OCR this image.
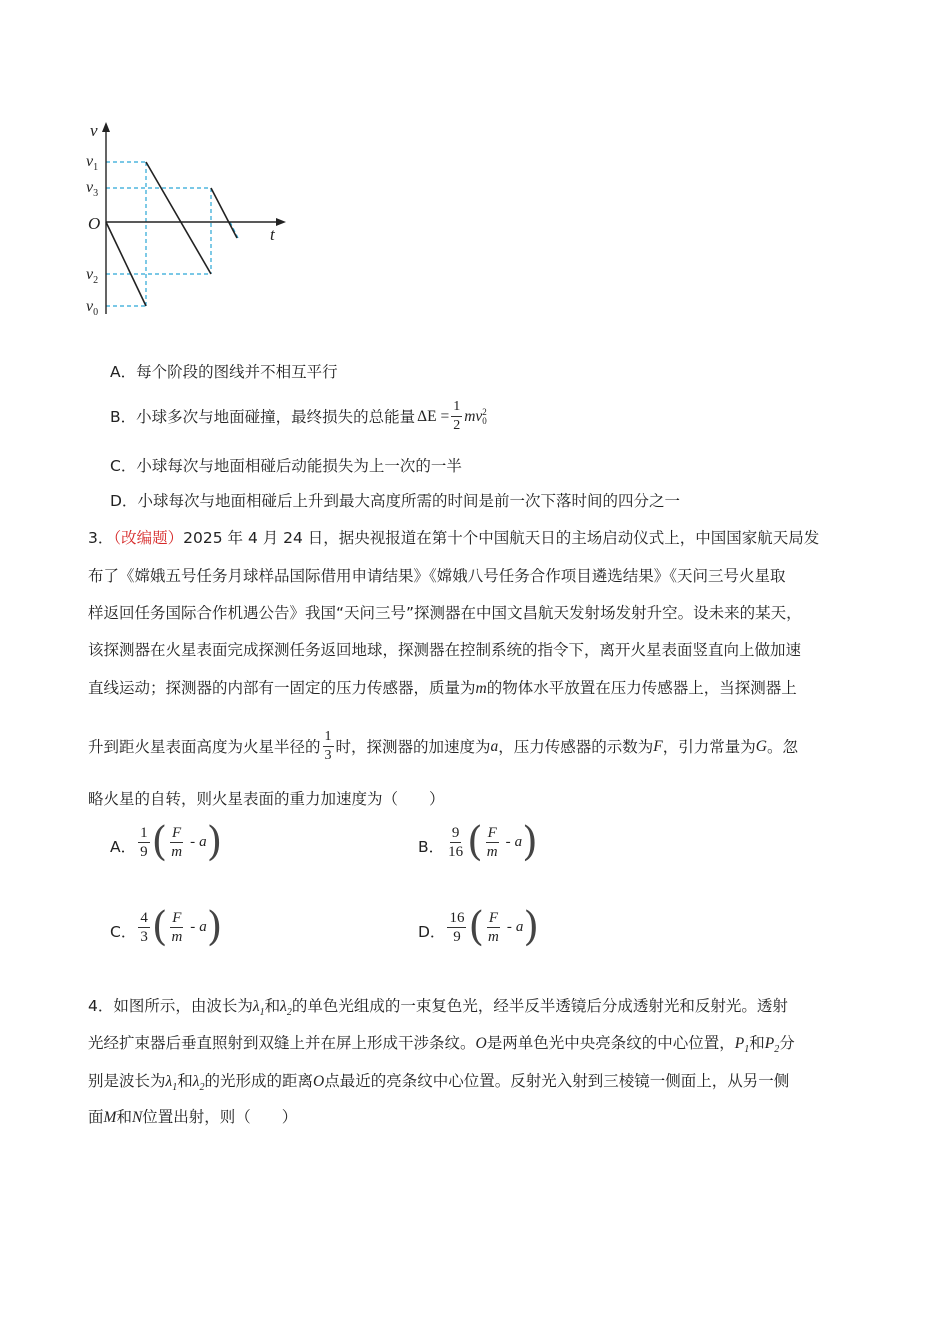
v
t
O
$v_1$
$v_3$
$v_2$
$v_0$
A．每个阶段的图线并不相互平行
B． 小球多次与地面碰撞，最终损失的总能量 $\Delta E = \frac{1}{2}$ mv 2
0
C．小球每次与地面相碰后动能损失为上一次的一半
D．小球每次与地面相碰后上升到最大高度所需的时间是前一次下落时间的四分之一
3．（改编题）2025 年 4 月 24 日，据央视报道在第十个中国航天日的主场启动仪式上，中国国家航天局发
布了《嫦娥五号任务月球样品国际借用申请结果》《嫦娥八号任务合作项目遴选结果》《天问三号火星取
样返回任务国际合作机遇公告》我国“天问三号”探测器在中国文昌航天发射场发射升空。设未来的某天，
该探测器在火星表面完成探测任务返回地球，探测器在控制系统的指令下，离开火星表面竖直向上做加速
直线运动；探测器的内部有一固定的压力传感器，质量为m的物体水平放置在压力传感器上，当探测器上
升到距火星表面高度为火星半径的 $\frac{1}{3}$ 时，探测器的加速度为 a ，压力传感器的示数为 F ，引力常量为 G 。忽
略火星的自转，则火星表面的重力加速度为（　　）
A． $\frac{1}{9}$ ( $\frac{F}{m}$ - a )	B． $\frac{9}{16}$ ( $\frac{F}{m}$ - a )
C． $\frac{4}{3}$ ( $\frac{F}{m}$ - a )	D． $\frac{16}{9}$ ( $\frac{F}{m}$ - a )
4．如图所示，由波长为$\lambda_1$和$\lambda_2$的单色光组成的一束复色光，经半反半透镜后分成透射光和反射光。透射
光经扩束器后垂直照射到双缝上并在屏上形成干涉条纹。O是两单色光中央亮条纹的中心位置，$P_1$和$P_2$分
别是波长为$\lambda_1$和$\lambda_2$的光形成的距离O点最近的亮条纹中心位置。反射光入射到三棱镜一侧面上，从另一侧
面M和N位置出射，则（　　）
